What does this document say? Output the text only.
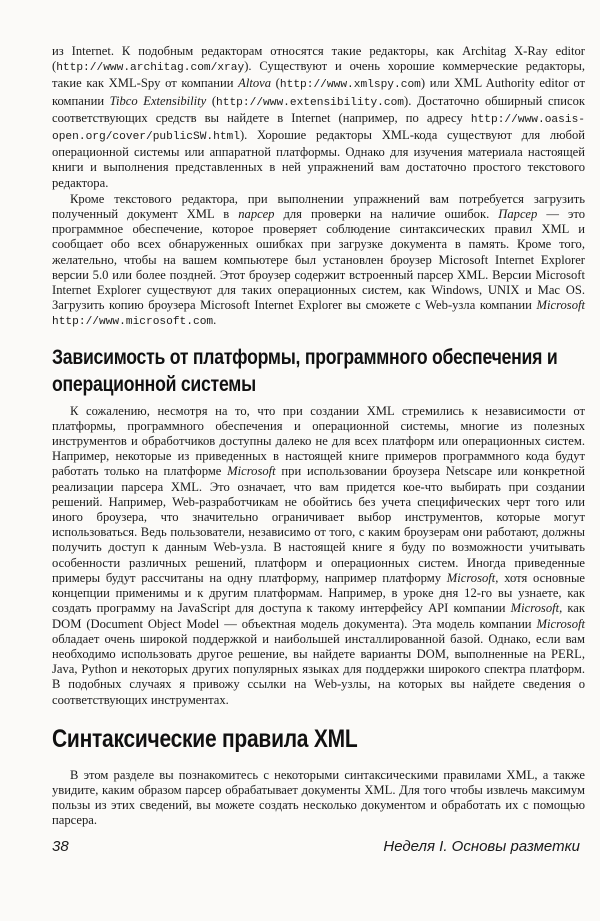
из Internet. К подобным редакторам относятся такие редакторы, как Architag X-Ray editor (http://www.architag.com/xray). Существуют и очень хорошие коммерческие редакторы, такие как XML-Spy от компании Altova (http://www.xmlspy.com) или XML Authority editor от компании Tibco Extensibility (http://www.extensibility.com). Достаточно обширный список соответствующих средств вы найдете в Internet (например, по адресу http://www.oasis-open.org/cover/publicSW.html). Хорошие редакторы XML-кода существуют для любой операционной системы или аппаратной платформы. Однако для изучения материала настоящей книги и выполнения представленных в ней упражнений вам достаточно простого текстового редактора.

Кроме текстового редактора, при выполнении упражнений вам потребуется загрузить полученный документ XML в парсер для проверки на наличие ошибок. Парсер — это программное обеспечение, которое проверяет соблюдение синтаксических правил XML и сообщает обо всех обнаруженных ошибках при загрузке документа в память. Кроме того, желательно, чтобы на вашем компьютере был установлен броузер Microsoft Internet Explorer версии 5.0 или более поздней. Этот броузер содержит встроенный парсер XML. Версии Microsoft Internet Explorer существуют для таких операционных систем, как Windows, UNIX и Mac OS. Загрузить копию броузера Microsoft Internet Explorer вы сможете с Web-узла компании Microsoft http://www.microsoft.com.

Зависимость от платформы, программного обеспечения и операционной системы

К сожалению, несмотря на то, что при создании XML стремились к независимости от платформы, программного обеспечения и операционной системы, многие из полезных инструментов и обработчиков доступны далеко не для всех платформ или операционных систем. Например, некоторые из приведенных в настоящей книге примеров программного кода будут работать только на платформе Microsoft при использовании броузера Netscape или конкретной реализации парсера XML. Это означает, что вам придется кое-что выбирать при создании решений. Например, Web-разработчикам не обойтись без учета специфических черт того или иного броузера, что значительно ограничивает выбор инструментов, которые могут использоваться. Ведь пользователи, независимо от того, с каким броузерам они работают, должны получить доступ к данным Web-узла. В настоящей книге я буду по возможности учитывать особенности различных решений, платформ и операционных систем. Иногда приведенные примеры будут рассчитаны на одну платформу, например платформу Microsoft, хотя основные концепции применимы и к другим платформам. Например, в уроке дня 12-го вы узнаете, как создать программу на JavaScript для доступа к такому интерфейсу API компании Microsoft, как DOM (Document Object Model — объектная модель документа). Эта модель компании Microsoft обладает очень широкой поддержкой и наибольшей инсталлированной базой. Однако, если вам необходимо использовать другое решение, вы найдете варианты DOM, выполненные на PERL, Java, Python и некоторых других популярных языках для поддержки широкого спектра платформ. В подобных случаях я привожу ссылки на Web-узлы, на которых вы найдете сведения о соответствующих инструментах.

Синтаксические правила XML

В этом разделе вы познакомитесь с некоторыми синтаксическими правилами XML, а также увидите, каким образом парсер обрабатывает документы XML. Для того чтобы извлечь максимум пользы из этих сведений, вы можете создать несколько документом и обработать их с помощью парсера.

38	Неделя I. Основы разметки
